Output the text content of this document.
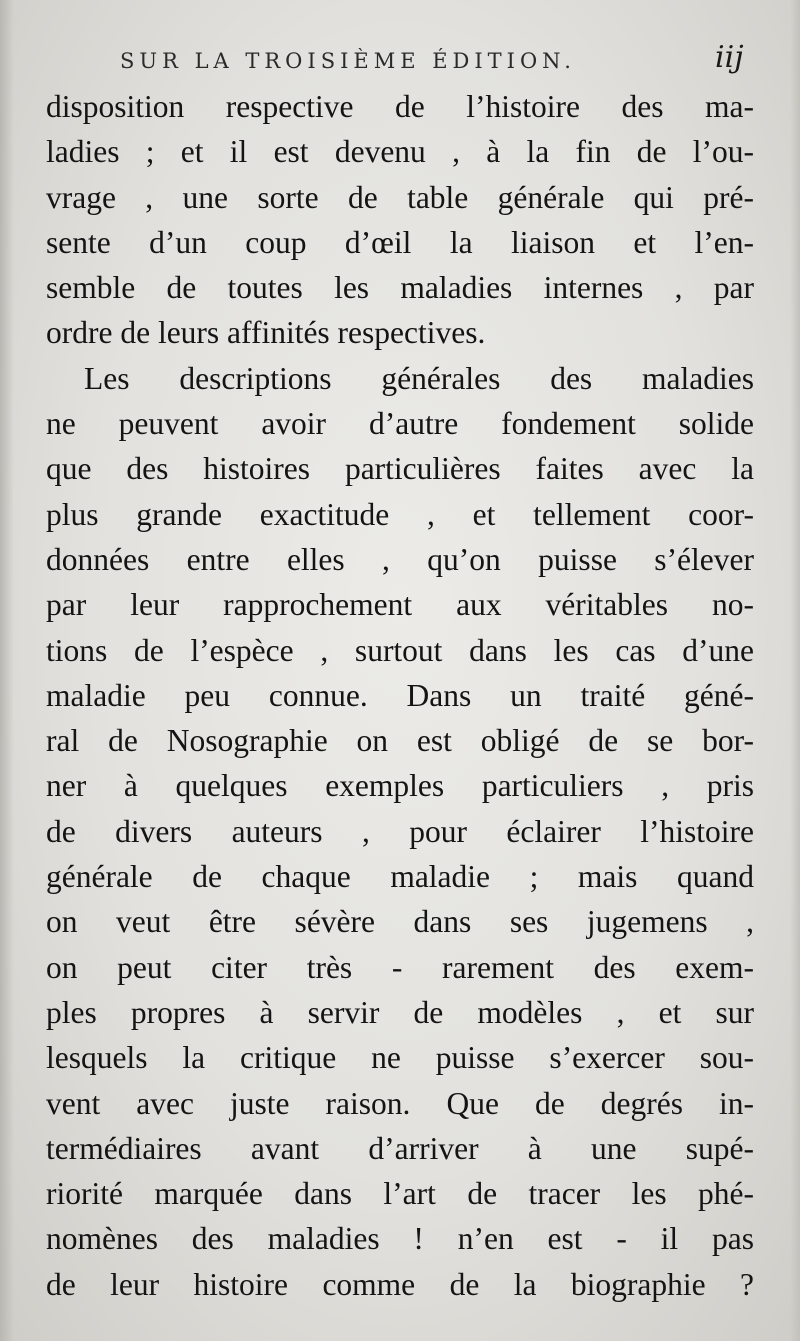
SUR LA TROISIÈME ÉDITION.	iij
disposition respective de l’histoire des ma-
ladies ; et il est devenu , à la fin de l’ou-
vrage , une sorte de table générale qui pré-
sente d’un coup d’œil la liaison et l’en-
semble de toutes les maladies internes , par
ordre de leurs affinités respectives.
Les descriptions générales des maladies
ne peuvent avoir d’autre fondement solide
que des histoires particulières faites avec la
plus grande exactitude , et tellement coor-
données entre elles , qu’on puisse s’élever
par leur rapprochement aux véritables no-
tions de l’espèce , surtout dans les cas d’une
maladie peu connue. Dans un traité géné-
ral de Nosographie on est obligé de se bor-
ner à quelques exemples particuliers , pris
de divers auteurs , pour éclairer l’histoire
générale de chaque maladie ; mais quand
on veut être sévère dans ses jugemens ,
on peut citer très - rarement des exem-
ples propres à servir de modèles , et sur
lesquels la critique ne puisse s’exercer sou-
vent avec juste raison. Que de degrés in-
termédiaires avant d’arriver à une supé-
riorité marquée dans l’art de tracer les phé-
nomènes des maladies ! n’en est - il pas
de leur histoire comme de la biographie ?
